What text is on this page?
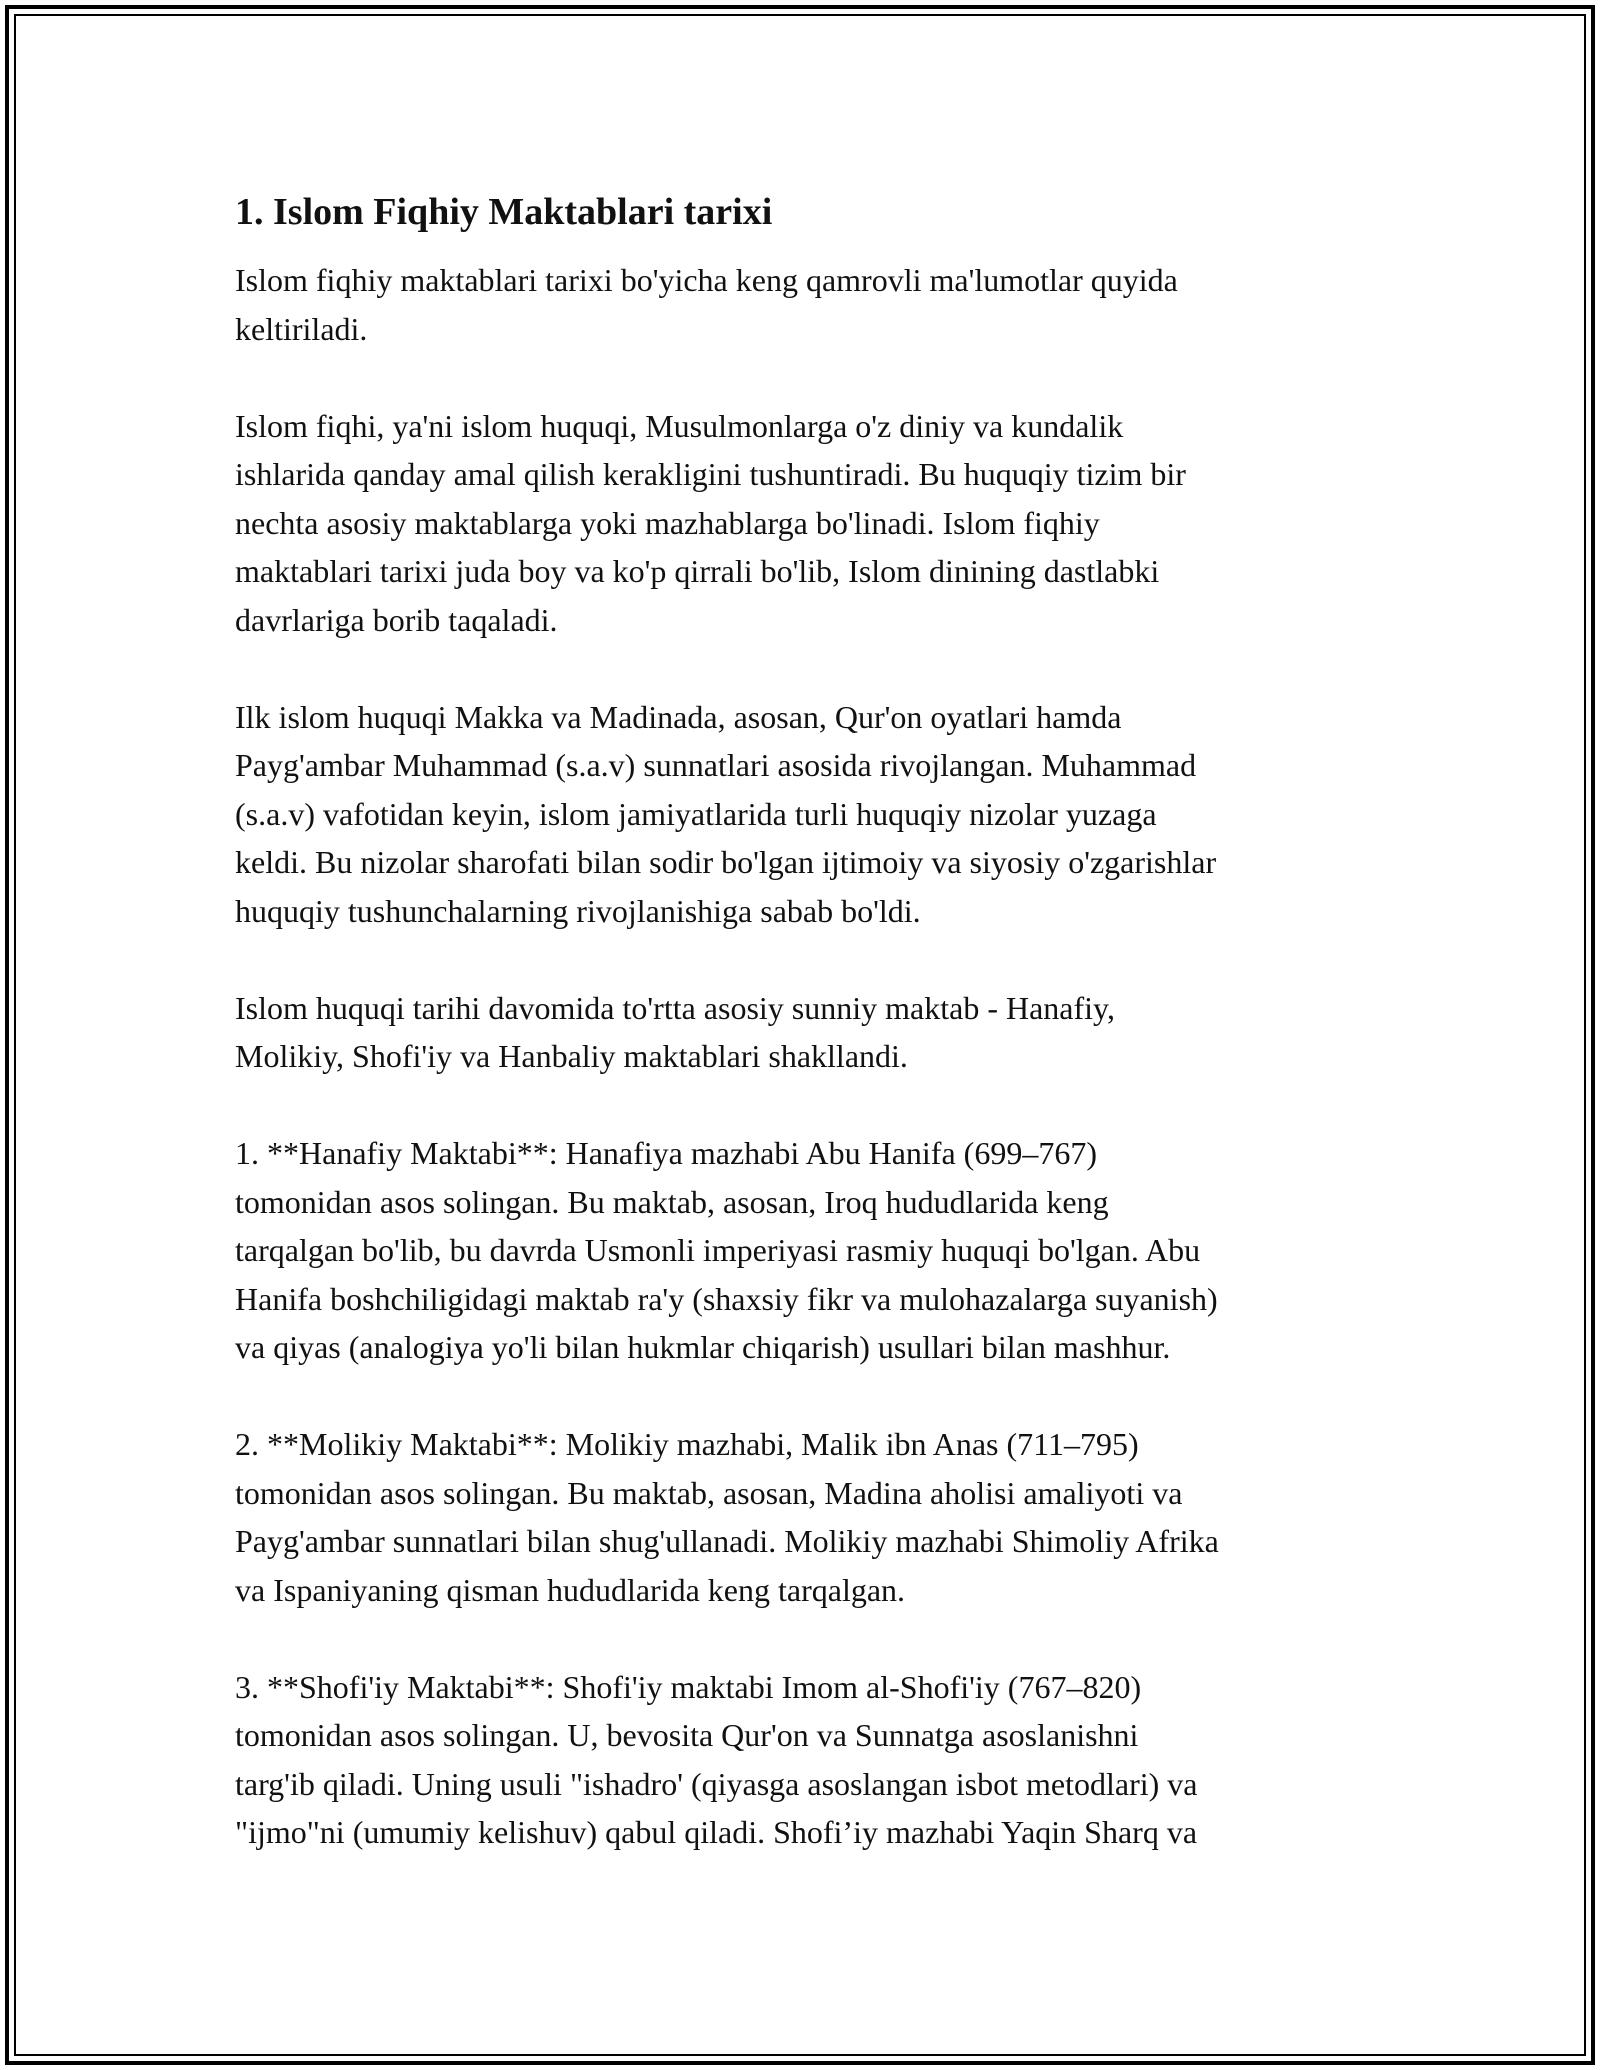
1. Islom Fiqhiy Maktablari tarixi
Islom fiqhiy maktablari tarixi bo'yicha keng qamrovli ma'lumotlar quyida
keltiriladi.
Islom fiqhi, ya'ni islom huquqi, Musulmonlarga o'z diniy va kundalik
ishlarida qanday amal qilish kerakligini tushuntiradi. Bu huquqiy tizim bir
nechta asosiy maktablarga yoki mazhablarga bo'linadi. Islom fiqhiy
maktablari tarixi juda boy va ko'p qirrali bo'lib, Islom dinining dastlabki
davrlariga borib taqaladi.
Ilk islom huquqi Makka va Madinada, asosan, Qur'on oyatlari hamda
Payg'ambar Muhammad (s.a.v) sunnatlari asosida rivojlangan. Muhammad
(s.a.v) vafotidan keyin, islom jamiyatlarida turli huquqiy nizolar yuzaga
keldi. Bu nizolar sharofati bilan sodir bo'lgan ijtimoiy va siyosiy o'zgarishlar
huquqiy tushunchalarning rivojlanishiga sabab bo'ldi.
Islom huquqi tarihi davomida to'rtta asosiy sunniy maktab - Hanafiy,
Molikiy, Shofi'iy va Hanbaliy maktablari shakllandi.
1. **Hanafiy Maktabi**: Hanafiya mazhabi Abu Hanifa (699–767)
tomonidan asos solingan. Bu maktab, asosan, Iroq hududlarida keng
tarqalgan bo'lib, bu davrda Usmonli imperiyasi rasmiy huquqi bo'lgan. Abu
Hanifa boshchiligidagi maktab ra'y (shaxsiy fikr va mulohazalarga suyanish)
va qiyas (analogiya yo'li bilan hukmlar chiqarish) usullari bilan mashhur.
2. **Molikiy Maktabi**: Molikiy mazhabi, Malik ibn Anas (711–795)
tomonidan asos solingan. Bu maktab, asosan, Madina aholisi amaliyoti va
Payg'ambar sunnatlari bilan shug'ullanadi. Molikiy mazhabi Shimoliy Afrika
va Ispaniyaning qisman hududlarida keng tarqalgan.
3. **Shofi'iy Maktabi**: Shofi'iy maktabi Imom al-Shofi'iy (767–820)
tomonidan asos solingan. U, bevosita Qur'on va Sunnatga asoslanishni
targ'ib qiladi. Uning usuli "ishadro' (qiyasga asoslangan isbot metodlari) va
"ijmo"ni (umumiy kelishuv) qabul qiladi. Shofi’iy mazhabi Yaqin Sharq va
